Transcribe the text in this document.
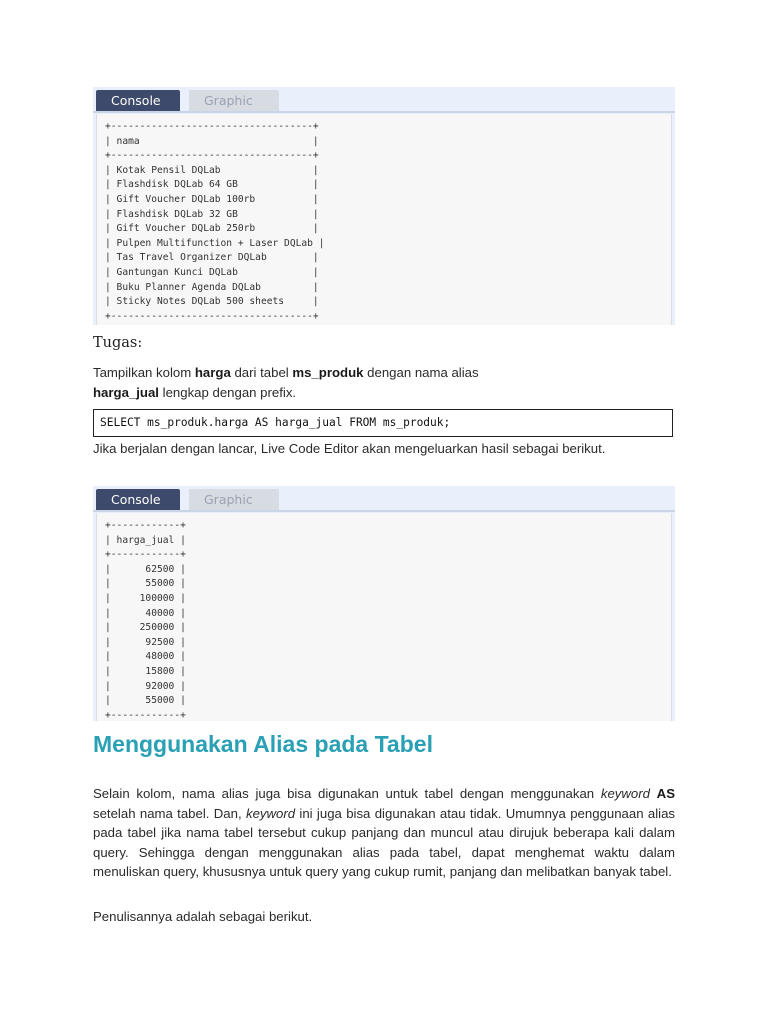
Console	Graphic
+-----------------------------------+
| nama                              |
+-----------------------------------+
| Kotak Pensil DQLab                |
| Flashdisk DQLab 64 GB             |
| Gift Voucher DQLab 100rb          |
| Flashdisk DQLab 32 GB             |
| Gift Voucher DQLab 250rb          |
| Pulpen Multifunction + Laser DQLab |
| Tas Travel Organizer DQLab        |
| Gantungan Kunci DQLab             |
| Buku Planner Agenda DQLab         |
| Sticky Notes DQLab 500 sheets     |
+-----------------------------------+
Tugas:
Tampilkan kolom harga dari tabel ms_produk dengan nama alias harga_jual lengkap dengan prefix.
SELECT ms_produk.harga AS harga_jual FROM ms_produk;
Jika berjalan dengan lancar, Live Code Editor akan mengeluarkan hasil sebagai berikut.
Console	Graphic
+------------+
| harga_jual |
+------------+
|      62500 |
|      55000 |
|     100000 |
|      40000 |
|     250000 |
|      92500 |
|      48000 |
|      15800 |
|      92000 |
|      55000 |
+------------+
Menggunakan Alias pada Tabel
Selain kolom, nama alias juga bisa digunakan untuk tabel dengan menggunakan keyword AS setelah nama tabel. Dan, keyword ini juga bisa digunakan atau tidak. Umumnya penggunaan alias pada tabel jika nama tabel tersebut cukup panjang dan muncul atau dirujuk beberapa kali dalam query. Sehingga dengan menggunakan alias pada tabel, dapat menghemat waktu dalam menuliskan query, khususnya untuk query yang cukup rumit, panjang dan melibatkan banyak tabel.
Penulisannya adalah sebagai berikut.
